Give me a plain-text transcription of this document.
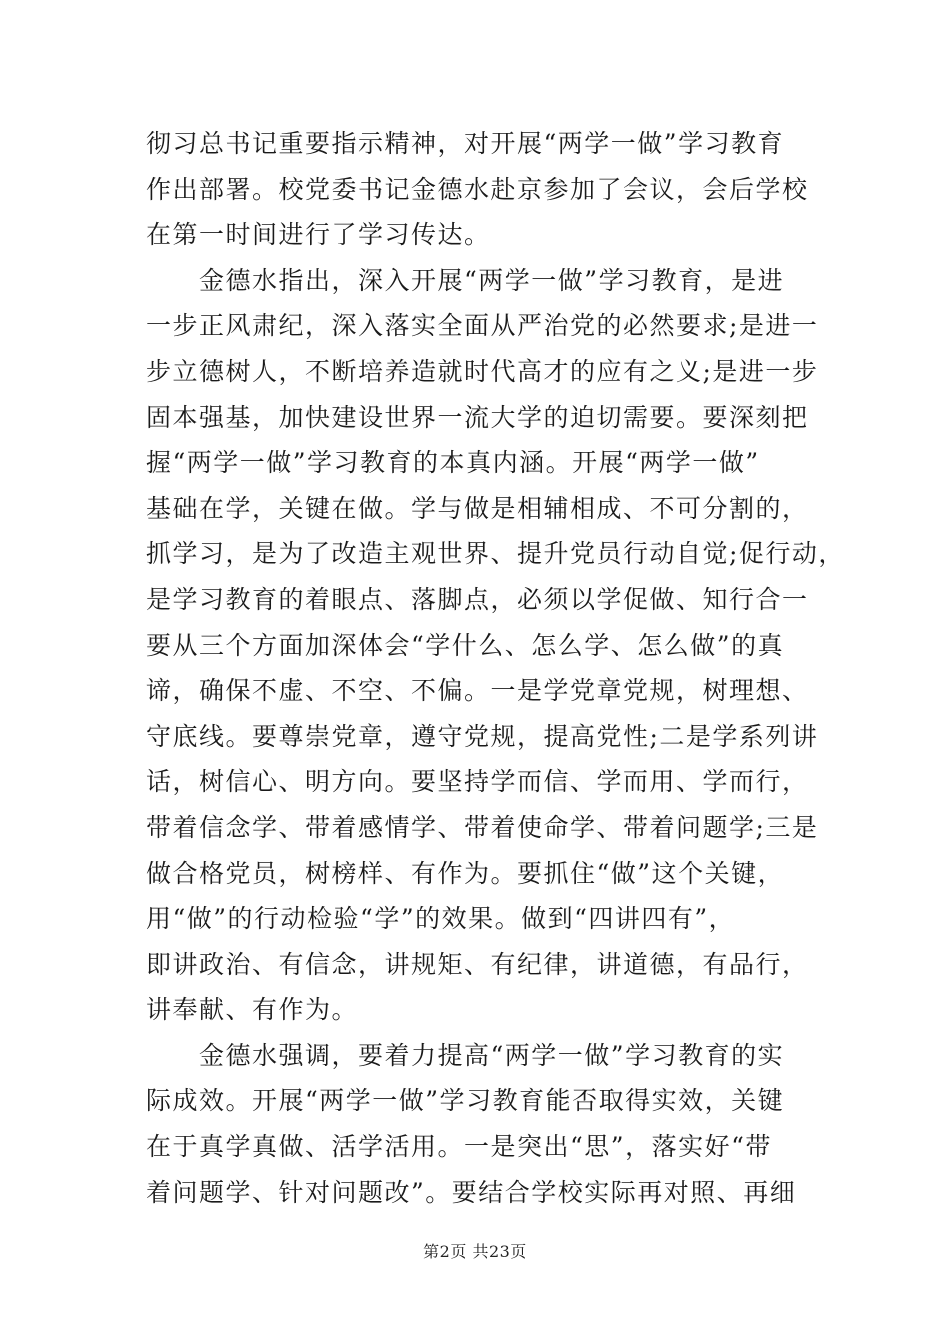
彻习总书记重要指示精神，对开展“两学一做”学习教育
作出部署。校党委书记金德水赴京参加了会议，会后学校
在第一时间进行了学习传达。
　　金德水指出，深入开展“两学一做”学习教育，是进
一步正风肃纪，深入落实全面从严治党的必然要求;是进一
步立德树人，不断培养造就时代高才的应有之义;是进一步
固本强基，加快建设世界一流大学的迫切需要。要深刻把
握“两学一做”学习教育的本真内涵。开展“两学一做”
基础在学，关键在做。学与做是相辅相成、不可分割的，
抓学习，是为了改造主观世界、提升党员行动自觉;促行动，
是学习教育的着眼点、落脚点，必须以学促做、知行合一
要从三个方面加深体会“学什么、怎么学、怎么做”的真
谛，确保不虚、不空、不偏。一是学党章党规，树理想、
守底线。要尊崇党章，遵守党规，提高党性;二是学系列讲
话，树信心、明方向。要坚持学而信、学而用、学而行，
带着信念学、带着感情学、带着使命学、带着问题学;三是
做合格党员，树榜样、有作为。要抓住“做”这个关键，
用“做”的行动检验“学”的效果。做到“四讲四有”，
即讲政治、有信念，讲规矩、有纪律，讲道德，有品行，
讲奉献、有作为。
　　金德水强调，要着力提高“两学一做”学习教育的实
际成效。开展“两学一做”学习教育能否取得实效，关键
在于真学真做、活学活用。一是突出“思”，落实好“带
着问题学、针对问题改”。要结合学校实际再对照、再细
第2页 共23页
